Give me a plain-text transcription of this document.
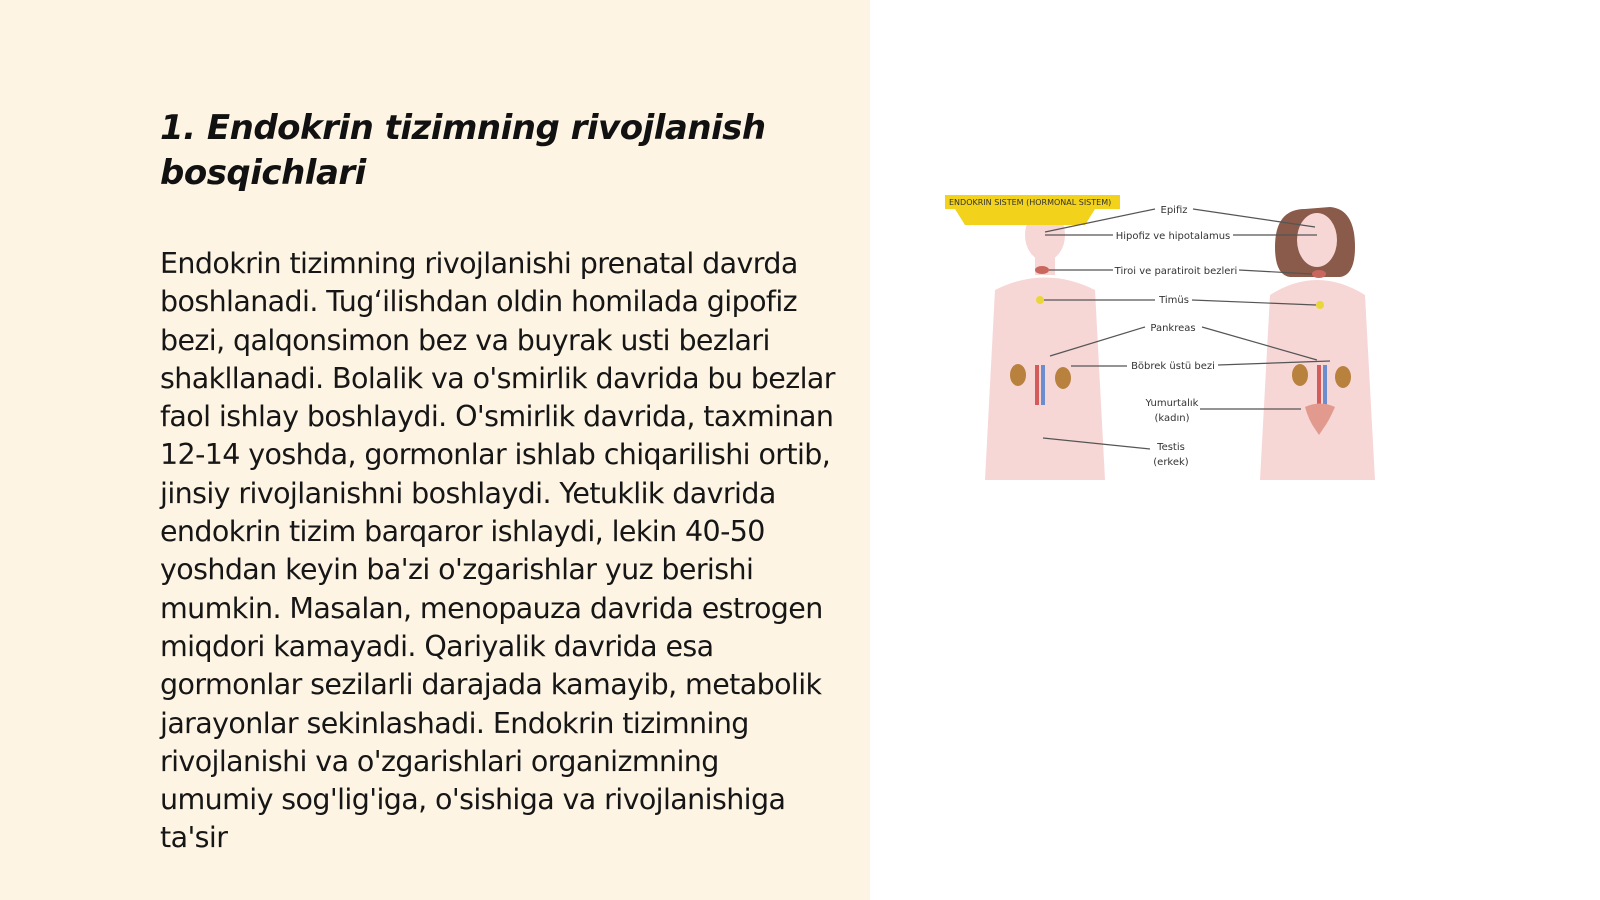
1. Endokrin tizimning rivojlanish bosqichlari

Endokrin tizimning rivojlanishi prenatal davrda boshlanadi. Tug‘ilishdan oldin homilada gipofiz bezi, qalqonsimon bez va buyrak usti bezlari shakllanadi. Bolalik va o'smirlik davrida bu bezlar faol ishlay boshlaydi. O'smirlik davrida, taxminan 12-14 yoshda, gormonlar ishlab chiqarilishi ortib, jinsiy rivojlanishni boshlaydi. Yetuklik davrida endokrin tizim barqaror ishlaydi, lekin 40-50 yoshdan keyin ba'zi o'zgarishlar yuz berishi mumkin. Masalan, menopauza davrida estrogen miqdori kamayadi. Qariyalik davrida esa gormonlar sezilarli darajada kamayib, metabolik jarayonlar sekinlashadi. Endokrin tizimning rivojlanishi va o'zgarishlari organizmning umumiy sog'lig'iga, o'sishiga va rivojlanishiga ta'sir

ENDOKRIN SISTEM (HORMONAL SISTEM)
Epifiz
Hipofiz ve hipotalamus
Tiroi ve paratiroit bezleri
Timüs
Pankreas
Böbrek üstü bezi
Yumurtalık
(kadın)
Testis
(erkek)
